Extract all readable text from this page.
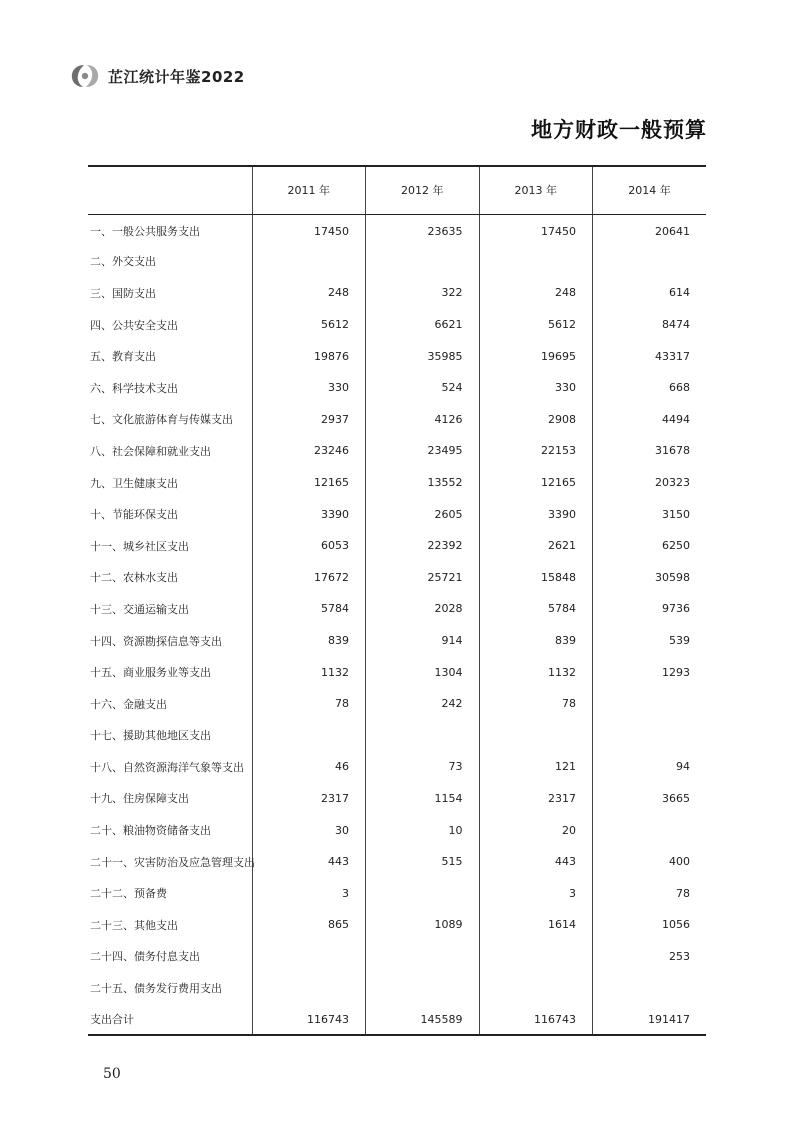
芷江统计年鉴2022
地方财政一般预算
	2011 年	2012 年	2013 年	2014 年
一、一般公共服务支出	17450	23635	17450	20641
二、外交支出				
三、国防支出	248	322	248	614
四、公共安全支出	5612	6621	5612	8474
五、教育支出	19876	35985	19695	43317
六、科学技术支出	330	524	330	668
七、文化旅游体育与传媒支出	2937	4126	2908	4494
八、社会保障和就业支出	23246	23495	22153	31678
九、卫生健康支出	12165	13552	12165	20323
十、节能环保支出	3390	2605	3390	3150
十一、城乡社区支出	6053	22392	2621	6250
十二、农林水支出	17672	25721	15848	30598
十三、交通运输支出	5784	2028	5784	9736
十四、资源勘探信息等支出	839	914	839	539
十五、商业服务业等支出	1132	1304	1132	1293
十六、金融支出	78	242	78	
十七、援助其他地区支出				
十八、自然资源海洋气象等支出	46	73	121	94
十九、住房保障支出	2317	1154	2317	3665
二十、粮油物资储备支出	30	10	20	
二十一、灾害防治及应急管理支出	443	515	443	400
二十二、预备费	3		3	78
二十三、其他支出	865	1089	1614	1056
二十四、债务付息支出				253
二十五、债务发行费用支出				
支出合计	116743	145589	116743	191417
50
